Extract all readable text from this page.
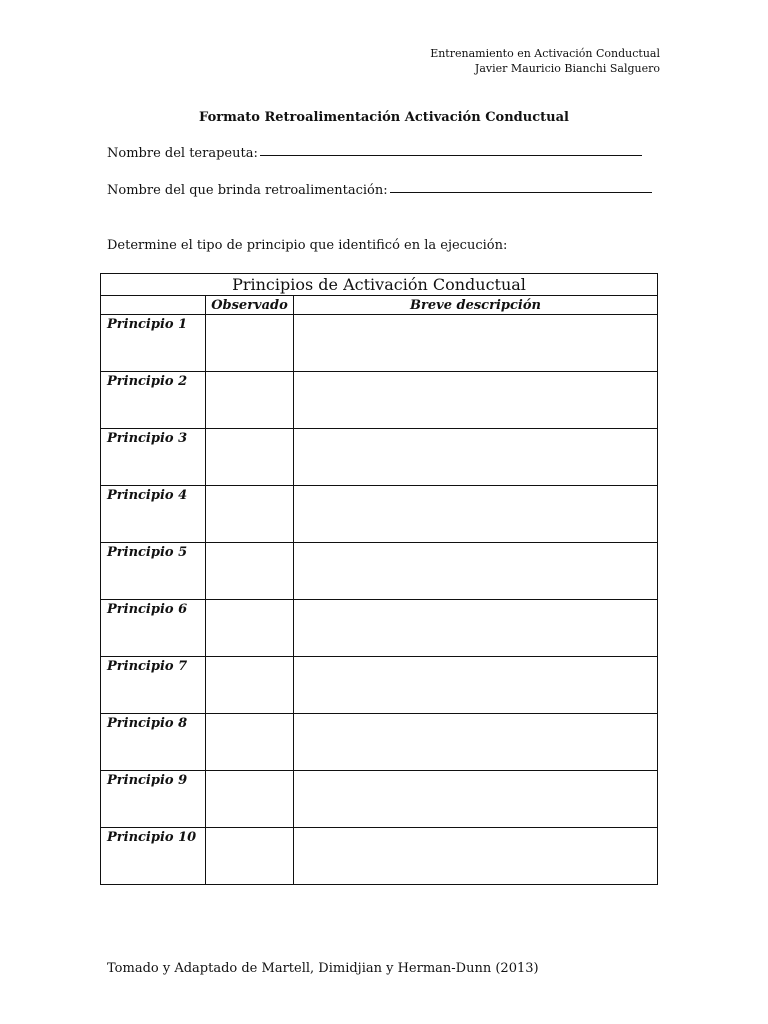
Entrenamiento en Activación Conductual
Javier Mauricio Bianchi Salguero
Formato Retroalimentación Activación Conductual
Nombre del terapeuta:
Nombre del que brinda retroalimentación:
Determine el tipo de principio que identificó en la ejecución:
Principios de Activación Conductual		
	Observado	Breve descripción
Principio 1		
Principio 2		
Principio 3		
Principio 4		
Principio 5		
Principio 6		
Principio 7		
Principio 8		
Principio 9		
Principio 10		
Tomado y Adaptado de Martell, Dimidjian y Herman-Dunn (2013)
